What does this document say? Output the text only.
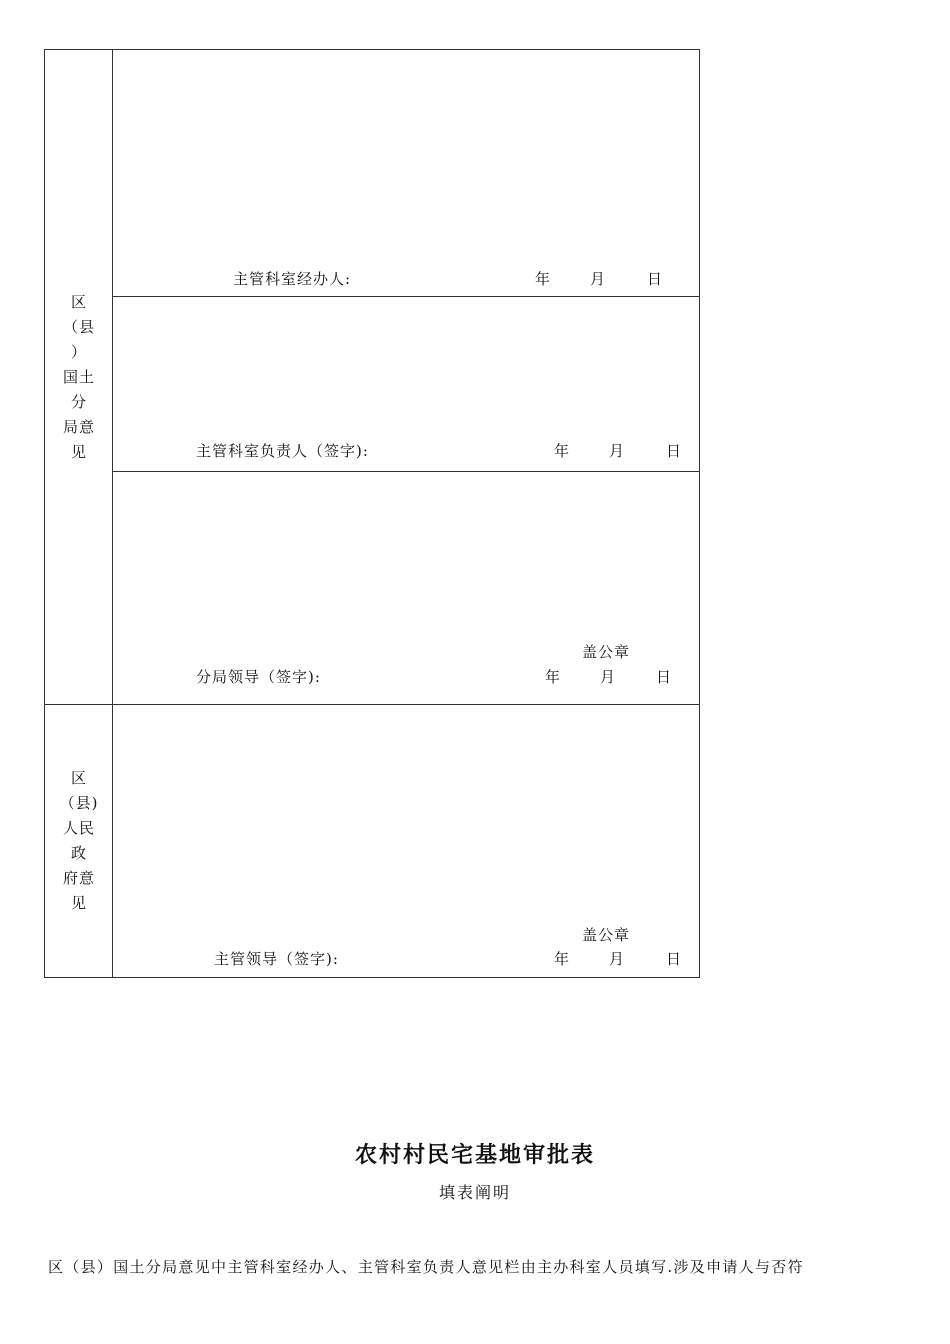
区
（县
）
国土
分
局意
见
主管科室经办人:	年	月	日
主管科室负责人（签字):	年	月	日
盖公章
分局领导（签字):	年	月	日
区
（县)
人民
政
府意
见
盖公章
主管领导（签字):	年	月	日
农村村民宅基地审批表
填表阐明
区（县）国土分局意见中主管科室经办人、主管科室负责人意见栏由主办科室人员填写.涉及申请人与否符
